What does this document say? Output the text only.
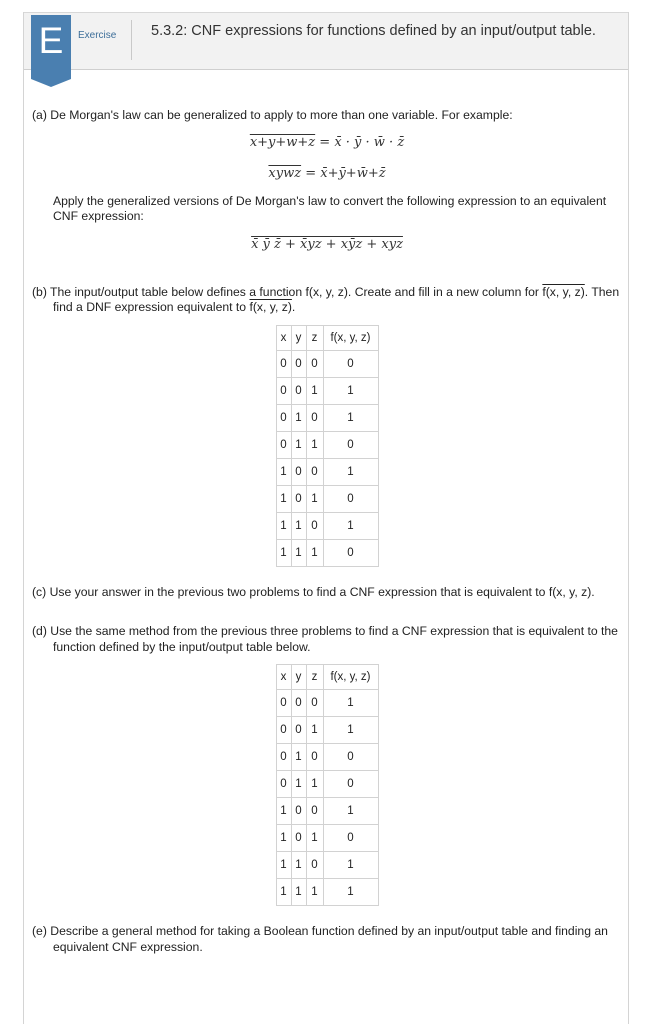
E	Exercise 5.3.2: CNF expressions for functions defined by an input/output table.

(a) De Morgan's law can be generalized to apply to more than one variable. For example:

x+y+w+z = x̄ · ȳ · w̄ · z̄
xywz = x̄+ȳ+w̄+z̄

Apply the generalized versions of De Morgan's law to convert the following expression to an equivalent CNF expression:

x̄ ȳ z̄ + x̄yz + xȳz + xyz

(b) The input/output table below defines a function f(x, y, z). Create and fill in a new column for f(x, y, z). Then find a DNF expression equivalent to f(x, y, z).

x	y	z	f(x, y, z)
0	0	0	0
0	0	1	1
0	1	0	1
0	1	1	0
1	0	0	1
1	0	1	0
1	1	0	1
1	1	1	0

(c) Use your answer in the previous two problems to find a CNF expression that is equivalent to f(x, y, z).

(d) Use the same method from the previous three problems to find a CNF expression that is equivalent to the function defined by the input/output table below.

x	y	z	f(x, y, z)
0	0	0	1
0	0	1	1
0	1	0	0
0	1	1	0
1	0	0	1
1	0	1	0
1	1	0	1
1	1	1	1

(e) Describe a general method for taking a Boolean function defined by an input/output table and finding an equivalent CNF expression.
